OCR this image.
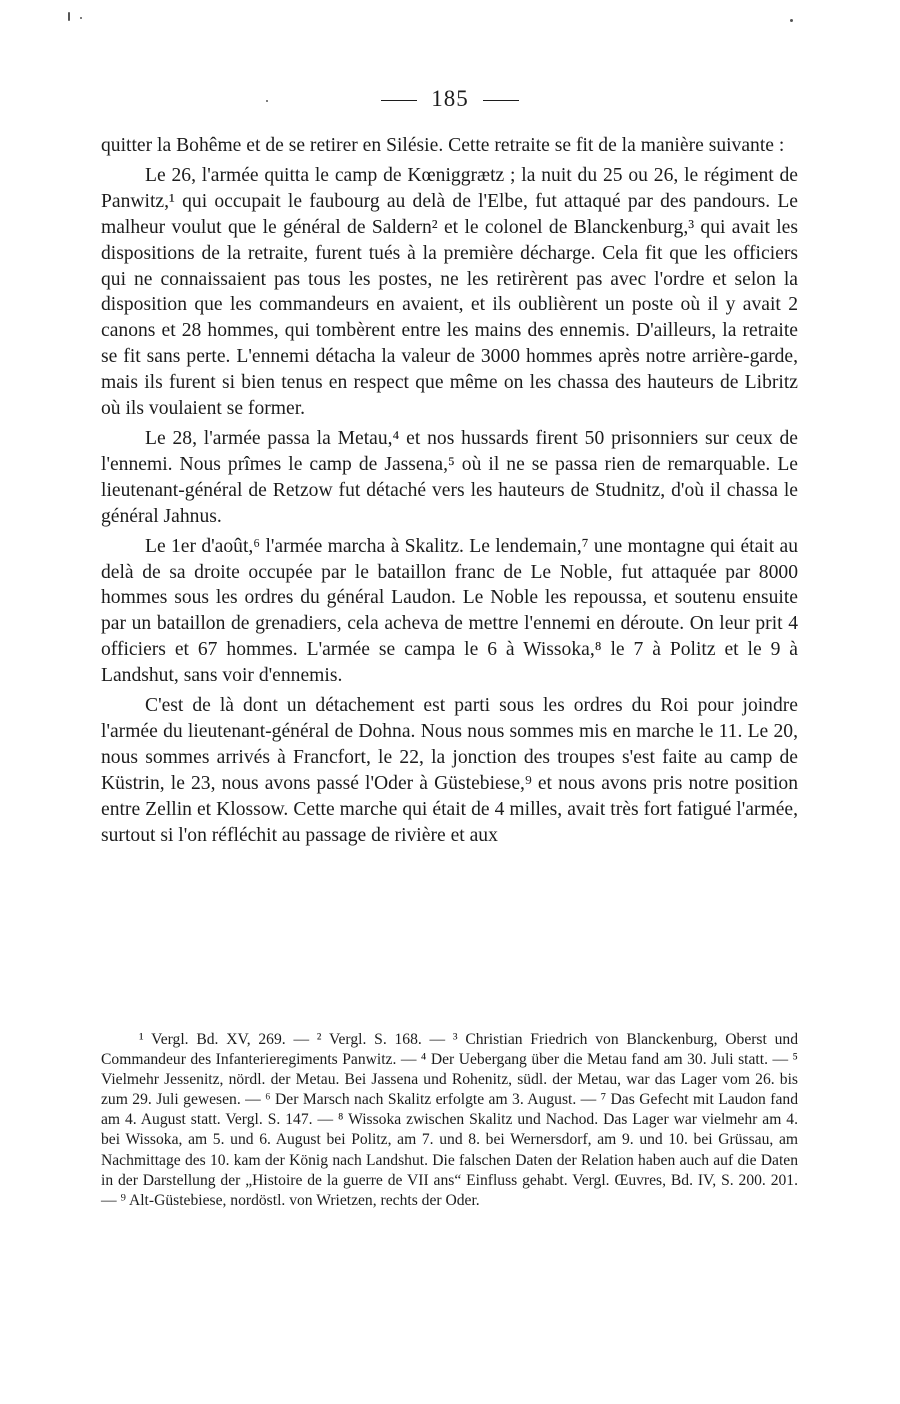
185

quitter la Bohême et de se retirer en Silésie. Cette retraite se fit de la manière suivante :

Le 26, l'armée quitta le camp de Kœniggrætz ; la nuit du 25 ou 26, le régiment de Panwitz,¹ qui occupait le faubourg au delà de l'Elbe, fut attaqué par des pandours. Le malheur voulut que le général de Saldern² et le colonel de Blanckenburg,³ qui avait les dispositions de la retraite, furent tués à la première décharge. Cela fit que les officiers qui ne connaissaient pas tous les postes, ne les retirèrent pas avec l'ordre et selon la disposition que les commandeurs en avaient, et ils oublièrent un poste où il y avait 2 canons et 28 hommes, qui tombèrent entre les mains des ennemis. D'ailleurs, la retraite se fit sans perte. L'ennemi détacha la valeur de 3000 hommes après notre arrière-garde, mais ils furent si bien tenus en respect que même on les chassa des hauteurs de Libritz où ils voulaient se former.

Le 28, l'armée passa la Metau,⁴ et nos hussards firent 50 prisonniers sur ceux de l'ennemi. Nous prîmes le camp de Jassena,⁵ où il ne se passa rien de remarquable. Le lieutenant-général de Retzow fut détaché vers les hauteurs de Studnitz, d'où il chassa le général Jahnus.

Le 1er d'août,⁶ l'armée marcha à Skalitz. Le lendemain,⁷ une montagne qui était au delà de sa droite occupée par le bataillon franc de Le Noble, fut attaquée par 8000 hommes sous les ordres du général Laudon. Le Noble les repoussa, et soutenu ensuite par un bataillon de grenadiers, cela acheva de mettre l'ennemi en déroute. On leur prit 4 officiers et 67 hommes. L'armée se campa le 6 à Wissoka,⁸ le 7 à Politz et le 9 à Landshut, sans voir d'ennemis.

C'est de là dont un détachement est parti sous les ordres du Roi pour joindre l'armée du lieutenant-général de Dohna. Nous nous sommes mis en marche le 11. Le 20, nous sommes arrivés à Francfort, le 22, la jonction des troupes s'est faite au camp de Küstrin, le 23, nous avons passé l'Oder à Güstebiese,⁹ et nous avons pris notre position entre Zellin et Klossow. Cette marche qui était de 4 milles, avait très fort fatigué l'armée, surtout si l'on réfléchit au passage de rivière et aux

¹ Vergl. Bd. XV, 269. — ² Vergl. S. 168. — ³ Christian Friedrich von Blanckenburg, Oberst und Commandeur des Infanterieregiments Panwitz. — ⁴ Der Uebergang über die Metau fand am 30. Juli statt. — ⁵ Vielmehr Jessenitz, nördl. der Metau. Bei Jassena und Rohenitz, südl. der Metau, war das Lager vom 26. bis zum 29. Juli gewesen. — ⁶ Der Marsch nach Skalitz erfolgte am 3. August. — ⁷ Das Gefecht mit Laudon fand am 4. August statt. Vergl. S. 147. — ⁸ Wissoka zwischen Skalitz und Nachod. Das Lager war vielmehr am 4. bei Wissoka, am 5. und 6. August bei Politz, am 7. und 8. bei Wernersdorf, am 9. und 10. bei Grüssau, am Nachmittage des 10. kam der König nach Landshut. Die falschen Daten der Relation haben auch auf die Daten in der Darstellung der „Histoire de la guerre de VII ans“ Einfluss gehabt. Vergl. Œuvres, Bd. IV, S. 200. 201. — ⁹ Alt-Güstebiese, nordöstl. von Wrietzen, rechts der Oder.
